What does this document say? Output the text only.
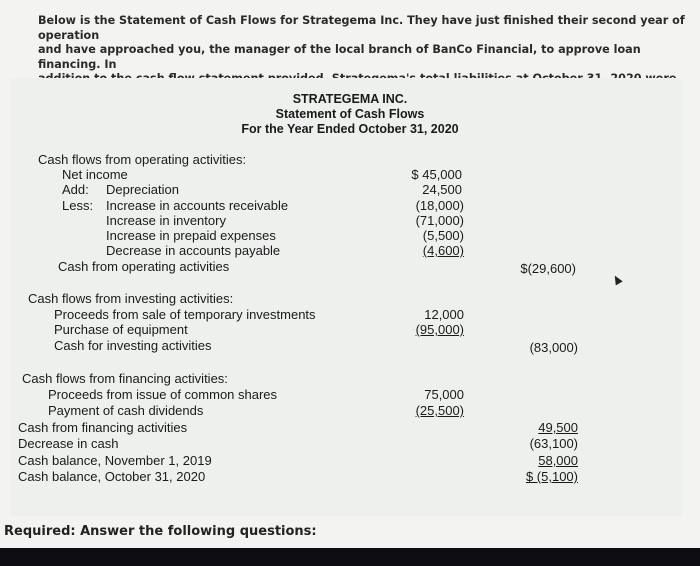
Below is the Statement of Cash Flows for Strategema Inc. They have just finished their second year of operation
and have approached you, the manager of the local branch of BanCo Financial, to approve loan financing. In
STRATEGEMA INC.
Statement of Cash Flows
For the Year Ended October 31, 2020
Cash flows from operating activities:
Net income	$ 45,000
Add: Depreciation	24,500
Less: Increase in accounts receivable	(18,000)
Increase in inventory	(71,000)
Increase in prepaid expenses	(5,500)
Decrease in accounts payable	(4,600)
Cash from operating activities	$(29,600)
Cash flows from investing activities:
Proceeds from sale of temporary investments	12,000
Purchase of equipment	(95,000)
Cash for investing activities	(83,000)
Cash flows from financing activities:
Proceeds from issue of common shares	75,000
Payment of cash dividends	(25,500)
Cash from financing activities	49,500
Decrease in cash	(63,100)
Cash balance, November 1, 2019	58,000
Cash balance, October 31, 2020	$ (5,100)
Required: Answer the following questions:
